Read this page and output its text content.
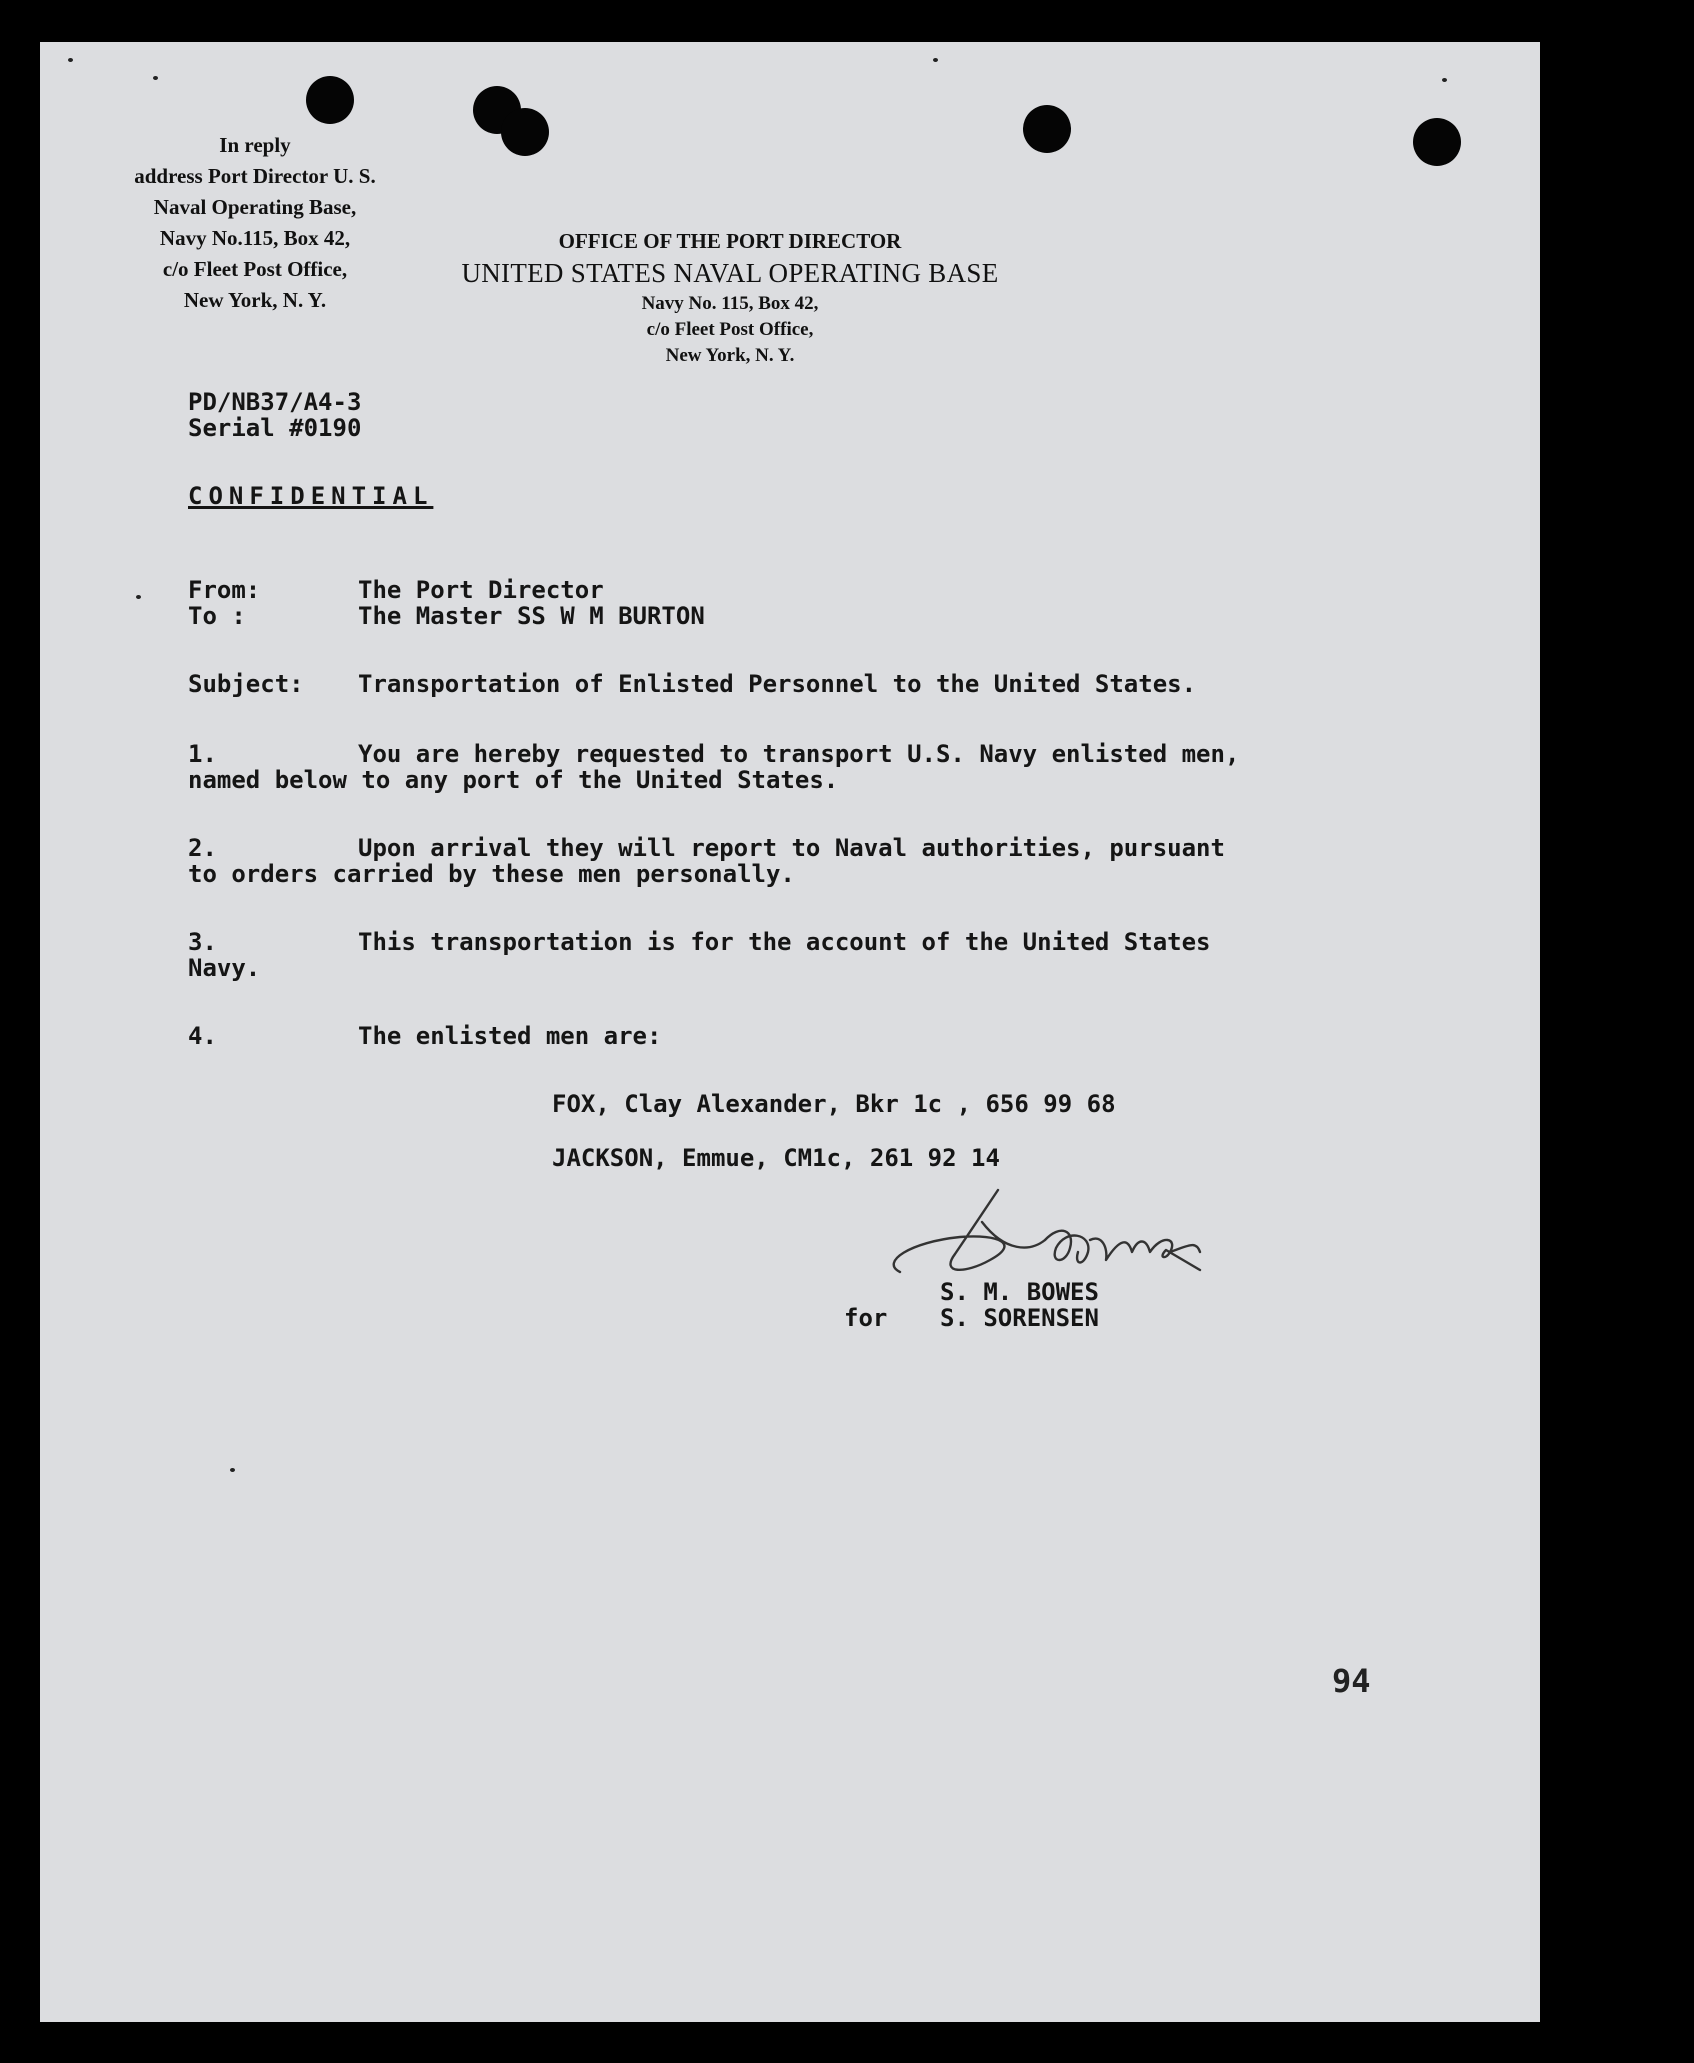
In reply
address Port Director U. S.
Naval Operating Base,
Navy No.115, Box 42,
c/o Fleet Post Office,
New York, N. Y.
OFFICE OF THE PORT DIRECTOR
UNITED STATES NAVAL OPERATING BASE
Navy No. 115, Box 42,
c/o Fleet Post Office,
New York, N. Y.
PD/NB37/A4-3
Serial #0190
CONFIDENTIAL
From:	The Port Director
To :	The Master SS W M BURTON
Subject: Transportation of Enlisted Personnel to the United States.
1.	You are hereby requested to transport U.S. Navy enlisted men,
named below to any port of the United States.
2.	Upon arrival they will report to Naval authorities, pursuant
to orders carried by these men personally.
3.	This transportation is for the account of the United States
Navy.
4.	The enlisted men are:
FOX, Clay Alexander, Bkr 1c , 656 99 68
JACKSON, Emmue, CM1c, 261 92 14
S. M. BOWES
for S. SORENSEN
94
